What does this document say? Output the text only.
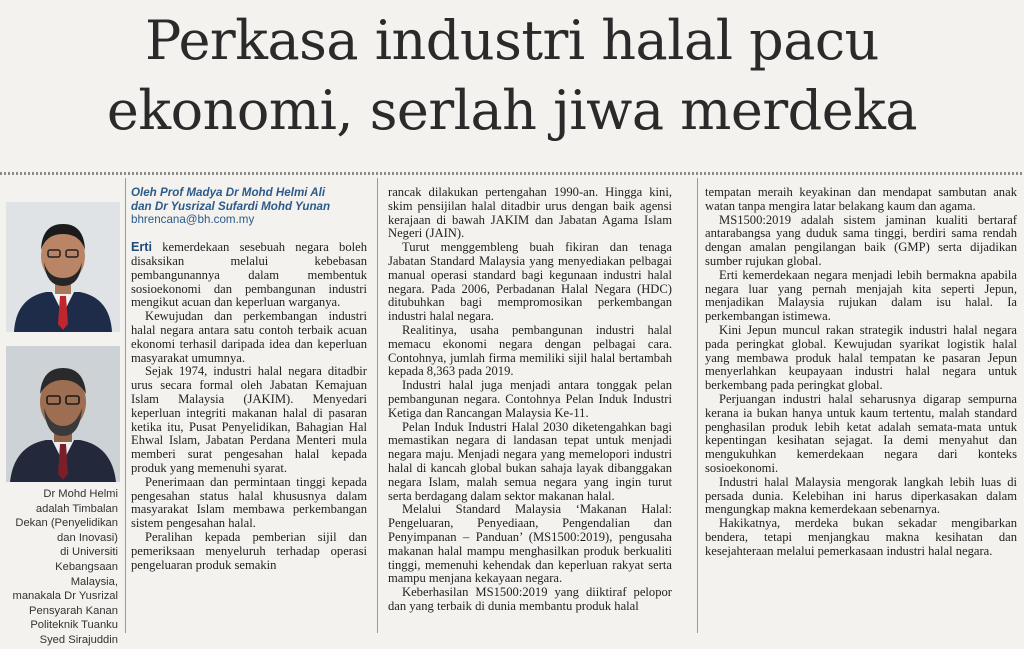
Perkasa industri halal pacu
ekonomi, serlah jiwa merdeka
Dr Mohd Helmi
adalah Timbalan
Dekan (Penyelidikan
dan Inovasi)
di Universiti
Kebangsaan Malaysia,
manakala Dr Yusrizal
Pensyarah Kanan
Politeknik Tuanku
Syed Sirajuddin

Oleh Prof Madya Dr Mohd Helmi Ali

dan Dr Yusrizal Sufardi Mohd Yunan

bhrencana@bh.com.my

Erti kemerdekaan sesebuah negara boleh disaksikan melalui kebebasan pembangunannya dalam membentuk sosioekonomi dan pembangunan industri mengikut acuan dan keperluan warganya.

Kewujudan dan perkembangan industri halal negara antara satu contoh terbaik acuan ekonomi terhasil daripada idea dan keperluan masyarakat umumnya.

Sejak 1974, industri halal negara ditadbir urus secara formal oleh Jabatan Kemajuan Islam Malaysia (JAKIM). Menyedari keperluan integriti makanan halal di pasaran ketika itu, Pusat Penyelidikan, Bahagian Hal Ehwal Islam, Jabatan Perdana Menteri mula memberi surat pengesahan halal kepada produk yang memenuhi syarat.

Penerimaan dan permintaan tinggi kepada pengesahan status halal khususnya dalam masyarakat Islam membawa perkembangan sistem pengesahan halal.

Peralihan kepada pemberian sijil dan pemeriksaan menyeluruh terhadap operasi pengeluaran produk semakin

rancak dilakukan pertengahan 1990-an. Hingga kini, skim pensijilan halal ditadbir urus dengan baik agensi kerajaan di bawah JAKIM dan Jabatan Agama Islam Negeri (JAIN).

Turut menggembleng buah fikiran dan tenaga Jabatan Standard Malaysia yang menyediakan pelbagai manual operasi standard bagi kegunaan industri halal negara. Pada 2006, Perbadanan Halal Negara (HDC) ditubuhkan bagi mempromosikan perkembangan industri halal negara.

Realitinya, usaha pembangunan industri halal memacu ekonomi negara dengan pelbagai cara. Contohnya, jumlah firma memiliki sijil halal bertambah kepada 8,363 pada 2019.

Industri halal juga menjadi antara tonggak pelan pembangunan negara. Contohnya Pelan Induk Industri Ketiga dan Rancangan Malaysia Ke-11.

Pelan Induk Industri Halal 2030 diketengahkan bagi memastikan negara di landasan tepat untuk menjadi negara maju. Menjadi negara yang memelopori industri halal di kancah global bukan sahaja layak dibanggakan negara Islam, malah semua negara yang ingin turut serta berdagang dalam sektor makanan halal.

Melalui Standard Malaysia ‘Makanan Halal: Pengeluaran, Penyediaan, Pengendalian dan Penyimpanan – Panduan’ (MS1500:2019), pengusaha makanan halal mampu menghasilkan produk berkualiti tinggi, memenuhi kehendak dan keperluan rakyat serta mampu menjana kekayaan negara.

Keberhasilan MS1500:2019 yang diiktiraf pelopor dan yang terbaik di dunia membantu produk halal

tempatan meraih keyakinan dan mendapat sambutan anak watan tanpa mengira latar belakang kaum dan agama.

MS1500:2019 adalah sistem jaminan kualiti bertaraf antarabangsa yang duduk sama tinggi, berdiri sama rendah dengan amalan pengilangan baik (GMP) serta dijadikan sumber rujukan global.

Erti kemerdekaan negara menjadi lebih bermakna apabila negara luar yang pernah menjajah kita seperti Jepun, menjadikan Malaysia rujukan dalam isu halal. Ia perkembangan istimewa.

Kini Jepun muncul rakan strategik industri halal negara pada peringkat global. Kewujudan syarikat logistik halal yang membawa produk halal tempatan ke pasaran Jepun menyerlahkan keupayaan industri halal negara untuk berkembang pada peringkat global.

Perjuangan industri halal seharusnya digarap sempurna kerana ia bukan hanya untuk kaum tertentu, malah standard penghasilan produk lebih ketat adalah semata-mata untuk kepentingan kesihatan sejagat. Ia demi menyahut dan mengukuhkan kemerdekaan negara dari konteks sosioekonomi.

Industri halal Malaysia mengorak langkah lebih luas di persada dunia. Kelebihan ini harus diperkasakan dalam mengungkap makna kemerdekaan sebenarnya.

Hakikatnya, merdeka bukan sekadar mengibarkan bendera, tetapi menjangkau makna kesihatan dan kesejahteraan melalui pemerkasaan industri halal negara.
